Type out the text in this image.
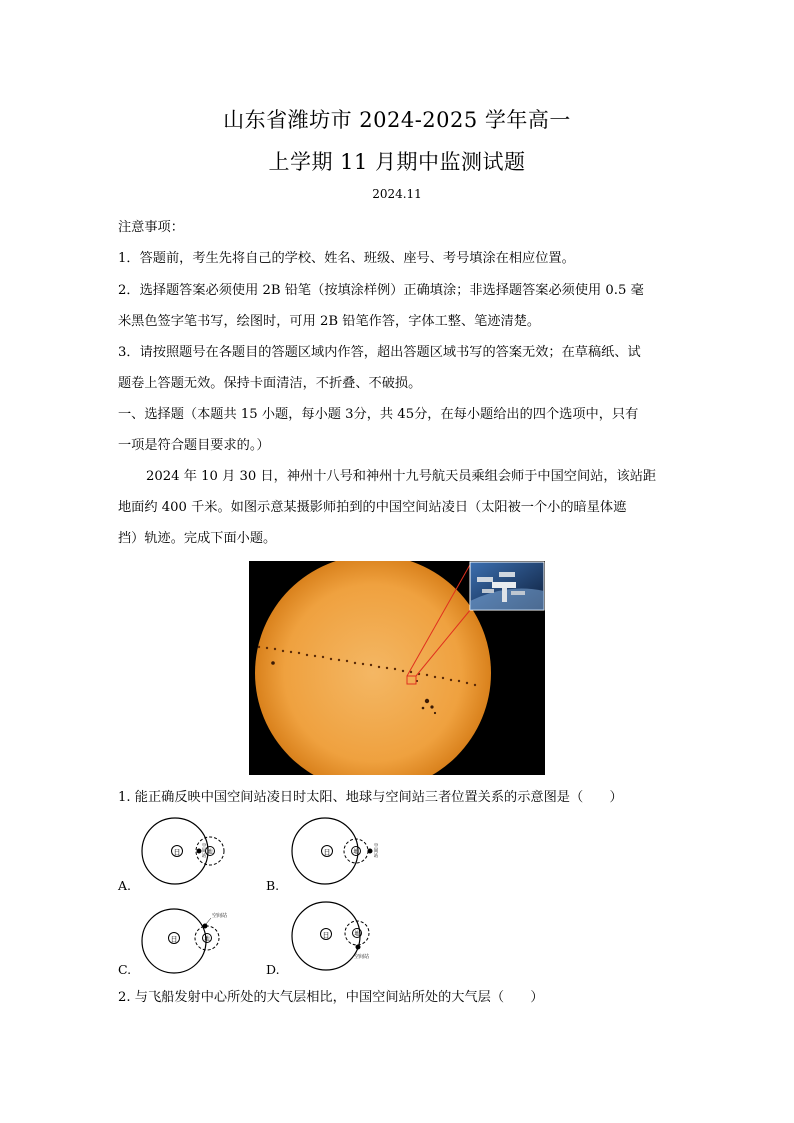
山东省潍坊市 2024-2025 学年高一
上学期 11 月期中监测试题
2024.11
注意事项：
1．答题前，考生先将自己的学校、姓名、班级、座号、考号填涂在相应位置。
2．选择题答案必须使用 2B 铅笔（按填涂样例）正确填涂；非选择题答案必须使用 0.5 毫
米黑色签字笔书写，绘图时，可用 2B 铅笔作答，字体工整、笔迹清楚。
3．请按照题号在各题目的答题区域内作答，超出答题区域书写的答案无效；在草稿纸、试
题卷上答题无效。保持卡面清洁，不折叠、不破损。
一、选择题（本题共 15 小题，每小题 3分，共 45分，在每小题给出的四个选项中，只有
一项是符合题目要求的。）
2024 年 10 月 30 日，神州十八号和神州十九号航天员乘组会师于中国空间站，该站距
地面约 400 千米。如图示意某摄影师拍到的中国空间站凌日（太阳被一个小的暗星体遮
挡）轨迹。完成下面小题。
1. 能正确反映中国空间站凌日时太阳、地球与空间站三者位置关系的示意图是（　　）
日	地
空
间
站
A.
日	地
空
间
站
B.
日	地
空间站
C.
日	地
空间站
D.
2. 与飞船发射中心所处的大气层相比，中国空间站所处的大气层（　　）
